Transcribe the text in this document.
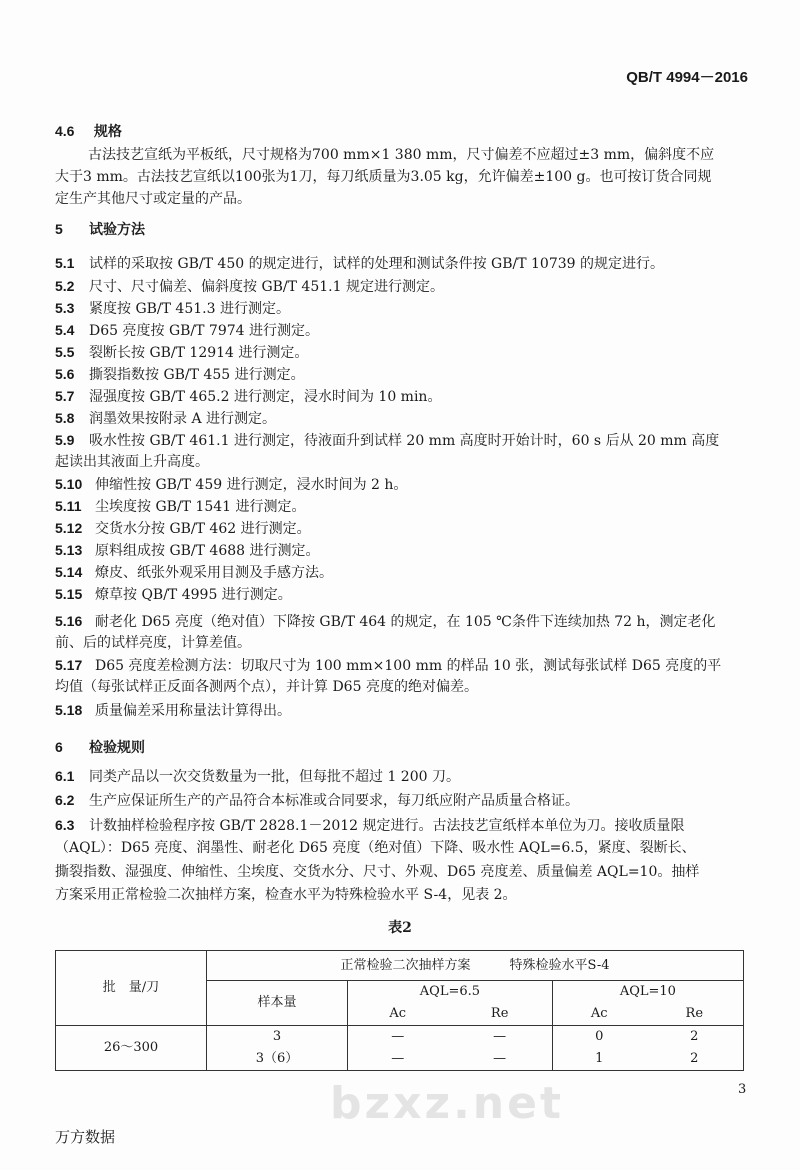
QB/T 4994－2016
4.6 规格
古法技艺宣纸为平板纸，尺寸规格为700 mm×1 380 mm，尺寸偏差不应超过±3 mm，偏斜度不应
大于3 mm。古法技艺宣纸以100张为1刀，每刀纸质量为3.05 kg，允许偏差±100 g。也可按订货合同规
定生产其他尺寸或定量的产品。
5 试验方法
5.1 试样的采取按 GB/T 450 的规定进行，试样的处理和测试条件按 GB/T 10739 的规定进行。
5.2 尺寸、尺寸偏差、偏斜度按 GB/T 451.1 规定进行测定。
5.3 紧度按 GB/T 451.3 进行测定。
5.4 D65 亮度按 GB/T 7974 进行测定。
5.5 裂断长按 GB/T 12914 进行测定。
5.6 撕裂指数按 GB/T 455 进行测定。
5.7 湿强度按 GB/T 465.2 进行测定，浸水时间为 10 min。
5.8 润墨效果按附录 A 进行测定。
5.9 吸水性按 GB/T 461.1 进行测定，待液面升到试样 20 mm 高度时开始计时，60 s 后从 20 mm 高度
起读出其液面上升高度。
5.10 伸缩性按 GB/T 459 进行测定，浸水时间为 2 h。
5.11 尘埃度按 GB/T 1541 进行测定。
5.12 交货水分按 GB/T 462 进行测定。
5.13 原料组成按 GB/T 4688 进行测定。
5.14 燎皮、纸张外观采用目测及手感方法。
5.15 燎草按 QB/T 4995 进行测定。
5.16 耐老化 D65 亮度（绝对值）下降按 GB/T 464 的规定，在 105 ℃条件下连续加热 72 h，测定老化
前、后的试样亮度，计算差值。
5.17 D65 亮度差检测方法：切取尺寸为 100 mm×100 mm 的样品 10 张，测试每张试样 D65 亮度的平
均值（每张试样正反面各测两个点），并计算 D65 亮度的绝对偏差。
5.18 质量偏差采用称量法计算得出。
6 检验规则
6.1 同类产品以一次交货数量为一批，但每批不超过 1 200 刀。
6.2 生产应保证所生产的产品符合本标准或合同要求，每刀纸应附产品质量合格证。
6.3 计数抽样检验程序按 GB/T 2828.1－2012 规定进行。古法技艺宣纸样本单位为刀。接收质量限
（AQL）：D65 亮度、润墨性、耐老化 D65 亮度（绝对值）下降、吸水性 AQL=6.5，紧度、裂断长、
撕裂指数、湿强度、伸缩性、尘埃度、交货水分、尺寸、外观、D65 亮度差、质量偏差 AQL=10。抽样
方案采用正常检验二次抽样方案，检查水平为特殊检验水平 S-4，见表 2。
表2
批　量/刀	正常检验二次抽样方案　　　特殊检验水平S-4				
	样本量	AQL=6.5		AQL=10	
		Ac	Re	Ac	Re
26～300	3	—	—	0	2
	3（6）	—	—	1	2
bzxz.net	3
万方数据
